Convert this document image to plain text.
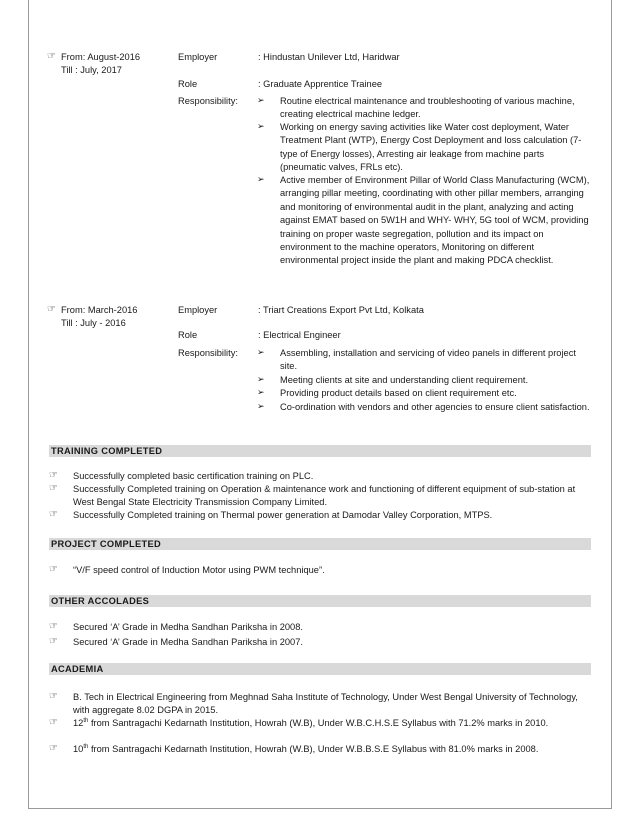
☞ From: August-2016
Till : July, 2017
Employer	: Hindustan Unilever Ltd, Haridwar
Role	: Graduate Apprentice Trainee
Responsibility: ➢ Routine electrical maintenance and troubleshooting of various machine, creating electrical machine ledger.
➢ Working on energy saving activities like Water cost deployment, Water Treatment Plant (WTP), Energy Cost Deployment and loss calculation (7- type of Energy losses), Arresting air leakage from machine parts (pneumatic valves, FRLs etc).
➢ Active member of Environment Pillar of World Class Manufacturing (WCM), arranging pillar meeting, coordinating with other pillar members, arranging and monitoring of environmental audit in the plant, analyzing and acting against EMAT based on 5W1H and WHY- WHY, 5G tool of WCM, providing training on proper waste segregation, pollution and its impact on environment to the machine operators, Monitoring on different environmental project inside the plant and making PDCA checklist.
☞ From: March-2016
Till : July - 2016
Employer	: Triart Creations Export Pvt Ltd, Kolkata
Role	: Electrical Engineer
Responsibility: ➢ Assembling, installation and servicing of video panels in different project site.
➢ Meeting clients at site and understanding client requirement.
➢ Providing product details based on client requirement etc.
➢ Co-ordination with vendors and other agencies to ensure client satisfaction.
TRAINING COMPLETED
☞ Successfully completed basic certification training on PLC.
☞ Successfully Completed training on Operation & maintenance work and functioning of different equipment of sub-station at West Bengal State Electricity Transmission Company Limited.
☞ Successfully Completed training on Thermal power generation at Damodar Valley Corporation, MTPS.
PROJECT COMPLETED
☞ “V/F speed control of Induction Motor using PWM technique”.
OTHER ACCOLADES
☞ Secured ‘A’ Grade in Medha Sandhan Pariksha in 2008.
☞ Secured ‘A’ Grade in Medha Sandhan Pariksha in 2007.
ACADEMIA
☞ B. Tech in Electrical Engineering from Meghnad Saha Institute of Technology, Under West Bengal University of Technology, with aggregate 8.02 DGPA in 2015.
☞ 12th from Santragachi Kedarnath Institution, Howrah (W.B), Under W.B.C.H.S.E Syllabus with 71.2% marks in 2010.
☞ 10th from Santragachi Kedarnath Institution, Howrah (W.B), Under W.B.B.S.E Syllabus with 81.0% marks in 2008.
